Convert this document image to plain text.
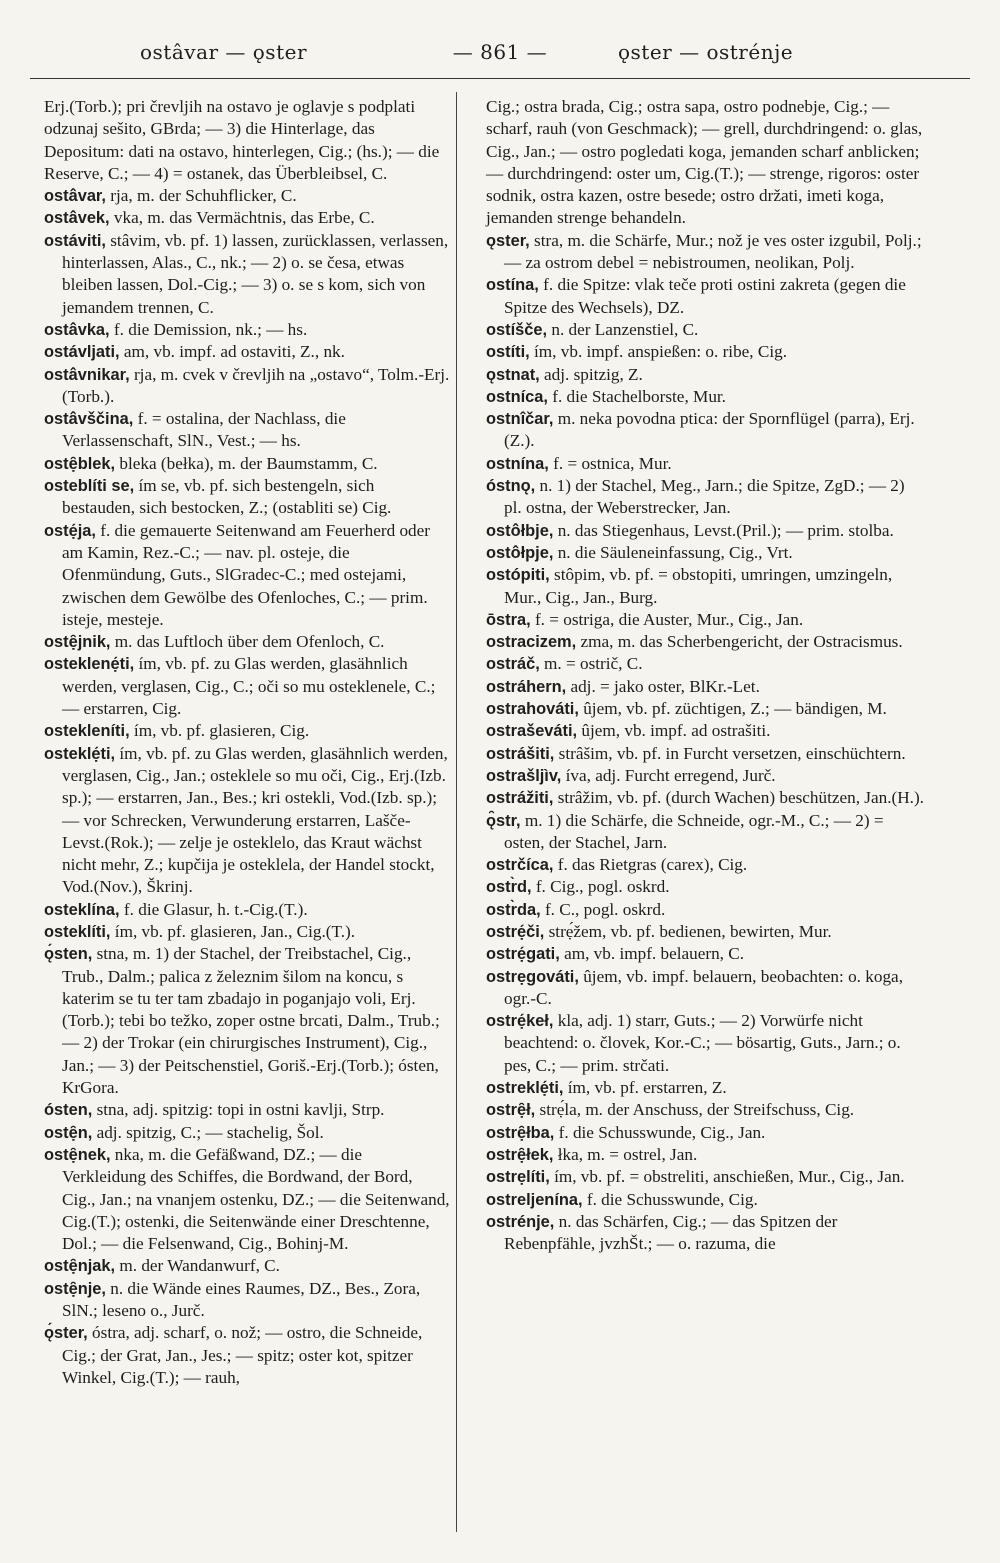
ostâvar — ǫster	— 861 —	ǫster — ostrénje

Erj.(Torb.); pri črevljih na ostavo je oglavje s podplati odzunaj sešito, GBrda; — 3) die Hinterlage, das Depositum: dati na ostavo, hinterlegen, Cig.; (hs.); — die Reserve, C.; — 4) = ostanek, das Überbleibsel, C.

ostâvar, rja, m. der Schuhflicker, C.

ostâvek, vka, m. das Vermächtnis, das Erbe, C.

ostáviti, stâvim, vb. pf. 1) lassen, zurücklassen, verlassen, hinterlassen, Alas., C., nk.; — 2) o. se česa, etwas bleiben lassen, Dol.-Cig.; — 3) o. se s kom, sich von jemandem trennen, C.

ostâvka, f. die Demission, nk.; — hs.

ostávljati, am, vb. impf. ad ostaviti, Z., nk.

ostâvnikar, rja, m. cvek v črevljih na „ostavo“, Tolm.-Erj.(Torb.).

ostâvščina, f. = ostalina, der Nachlass, die Verlassenschaft, SlN., Vest.; — hs.

ostẹ̑blek, bleka (bełka), m. der Baumstamm, C.

osteblíti se, ím se, vb. pf. sich bestengeln, sich bestauden, sich bestocken, Z.; (ostabliti se) Cig.

ostẹ́ja, f. die gemauerte Seitenwand am Feuerherd oder am Kamin, Rez.-C.; — nav. pl. osteje, die Ofenmündung, Guts., SlGradec-C.; med ostejami, zwischen dem Gewölbe des Ofenloches, C.; — prim. isteje, mesteje.

ostẹ̑jnik, m. das Luftloch über dem Ofenloch, C.

osteklenẹ́ti, ím, vb. pf. zu Glas werden, glasähnlich werden, verglasen, Cig., C.; oči so mu osteklenele, C.; — erstarren, Cig.

ostekleníti, ím, vb. pf. glasieren, Cig.

osteklẹ́ti, ím, vb. pf. zu Glas werden, glasähnlich werden, verglasen, Cig., Jan.; osteklele so mu oči, Cig., Erj.(Izb. sp.); — erstarren, Jan., Bes.; kri ostekli, Vod.(Izb. sp.); — vor Schrecken, Verwunderung erstarren, Lašče-Levst.(Rok.); — zelje je osteklelo, das Kraut wächst nicht mehr, Z.; kupčija je osteklela, der Handel stockt, Vod.(Nov.), Škrinj.

osteklína, f. die Glasur, h. t.-Cig.(T.).

osteklíti, ím, vb. pf. glasieren, Jan., Cig.(T.).

ǫ́sten, stna, m. 1) der Stachel, der Treibstachel, Cig., Trub., Dalm.; palica z železnim šilom na koncu, s katerim se tu ter tam zbadajo in poganjajo voli, Erj.(Torb.); tebi bo težko, zoper ostne brcati, Dalm., Trub.; — 2) der Trokar (ein chirurgisches Instrument), Cig., Jan.; — 3) der Peitschenstiel, Goriš.-Erj.(Torb.); ósten, KrGora.

ósten, stna, adj. spitzig: topi in ostni kavlji, Strp.

ostẹ̑n, adj. spitzig, C.; — stachelig, Šol.

ostẹ̑nek, nka, m. die Gefäßwand, DZ.; — die Verkleidung des Schiffes, die Bordwand, der Bord, Cig., Jan.; na vnanjem ostenku, DZ.; — die Seitenwand, Cig.(T.); ostenki, die Seitenwände einer Dreschtenne, Dol.; — die Felsenwand, Cig., Bohinj-M.

ostẹ̑njak, m. der Wandanwurf, C.

ostẹ̑nje, n. die Wände eines Raumes, DZ., Bes., Zora, SlN.; leseno o., Jurč.

ǫ́ster, óstra, adj. scharf, o. nož; — ostro, die Schneide, Cig.; der Grat, Jan., Jes.; — spitz; oster kot, spitzer Winkel, Cig.(T.); — rauh,

Cig.; ostra brada, Cig.; ostra sapa, ostro podnebje, Cig.; — scharf, rauh (von Geschmack); — grell, durchdringend: o. glas, Cig., Jan.; — ostro pogledati koga, jemanden scharf anblicken; — durchdringend: oster um, Cig.(T.); — strenge, rigoros: oster sodnik, ostra kazen, ostre besede; ostro držati, imeti koga, jemanden strenge behandeln.

ǫster, stra, m. die Schärfe, Mur.; nož je ves oster izgubil, Polj.; — za ostrom debel = nebistroumen, neolikan, Polj.

ostína, f. die Spitze: vlak teče proti ostini zakreta (gegen die Spitze des Wechsels), DZ.

ostíšče, n. der Lanzenstiel, C.

ostíti, ím, vb. impf. anspießen: o. ribe, Cig.

ǫstnat, adj. spitzig, Z.

ostníca, f. die Stachelborste, Mur.

ostnîčar, m. neka povodna ptica: der Spornflügel (parra), Erj.(Z.).

ostnína, f. = ostnica, Mur.

óstnǫ, n. 1) der Stachel, Meg., Jarn.; die Spitze, ZgD.; — 2) pl. ostna, der Weberstrecker, Jan.

ostôłbje, n. das Stiegenhaus, Levst.(Pril.); — prim. stolba.

ostôłpje, n. die Säuleneinfassung, Cig., Vrt.

ostópiti, stôpim, vb. pf. = obstopiti, umringen, umzingeln, Mur., Cig., Jan., Burg.

ōstra, f. = ostriga, die Auster, Mur., Cig., Jan.

ostracizem, zma, m. das Scherbengericht, der Ostracismus.

ostráč, m. = ostrič, C.

ostráhern, adj. = jako oster, BlKr.-Let.

ostrahováti, ûjem, vb. pf. züchtigen, Z.; — bändigen, M.

ostraševáti, ûjem, vb. impf. ad ostrašiti.

ostrášiti, strâšim, vb. pf. in Furcht versetzen, einschüchtern.

ostrašljìv, íva, adj. Furcht erregend, Jurč.

ostrážiti, strâžim, vb. pf. (durch Wachen) beschützen, Jan.(H.).

ǫ̑str, m. 1) die Schärfe, die Schneide, ogr.-M., C.; — 2) = osten, der Stachel, Jarn.

ostrčíca, f. das Rietgras (carex), Cig.

ostr̀d, f. Cig., pogl. oskrd.

ostr̀da, f. C., pogl. oskrd.

ostrẹ́či, strẹ́žem, vb. pf. bedienen, bewirten, Mur.

ostrẹ́gati, am, vb. impf. belauern, C.

ostrẹgováti, ûjem, vb. impf. belauern, beobachten: o. koga, ogr.-C.

ostrẹ́keł, kla, adj. 1) starr, Guts.; — 2) Vorwürfe nicht beachtend: o. človek, Kor.-C.; — bösartig, Guts., Jarn.; o. pes, C.; — prim. strčati.

ostreklẹ́ti, ím, vb. pf. erstarren, Z.

ostrẹ̑ł, strẹ́la, m. der Anschuss, der Streifschuss, Cig.

ostrẹ̑łba, f. die Schusswunde, Cig., Jan.

ostrẹ̑łek, łka, m. = ostrel, Jan.

ostrẹlíti, ím, vb. pf. = obstreliti, anschießen, Mur., Cig., Jan.

ostreljenína, f. die Schusswunde, Cig.

ostrénje, n. das Schärfen, Cig.; — das Spitzen der Rebenpfähle, jvzhŠt.; — o. razuma, die
